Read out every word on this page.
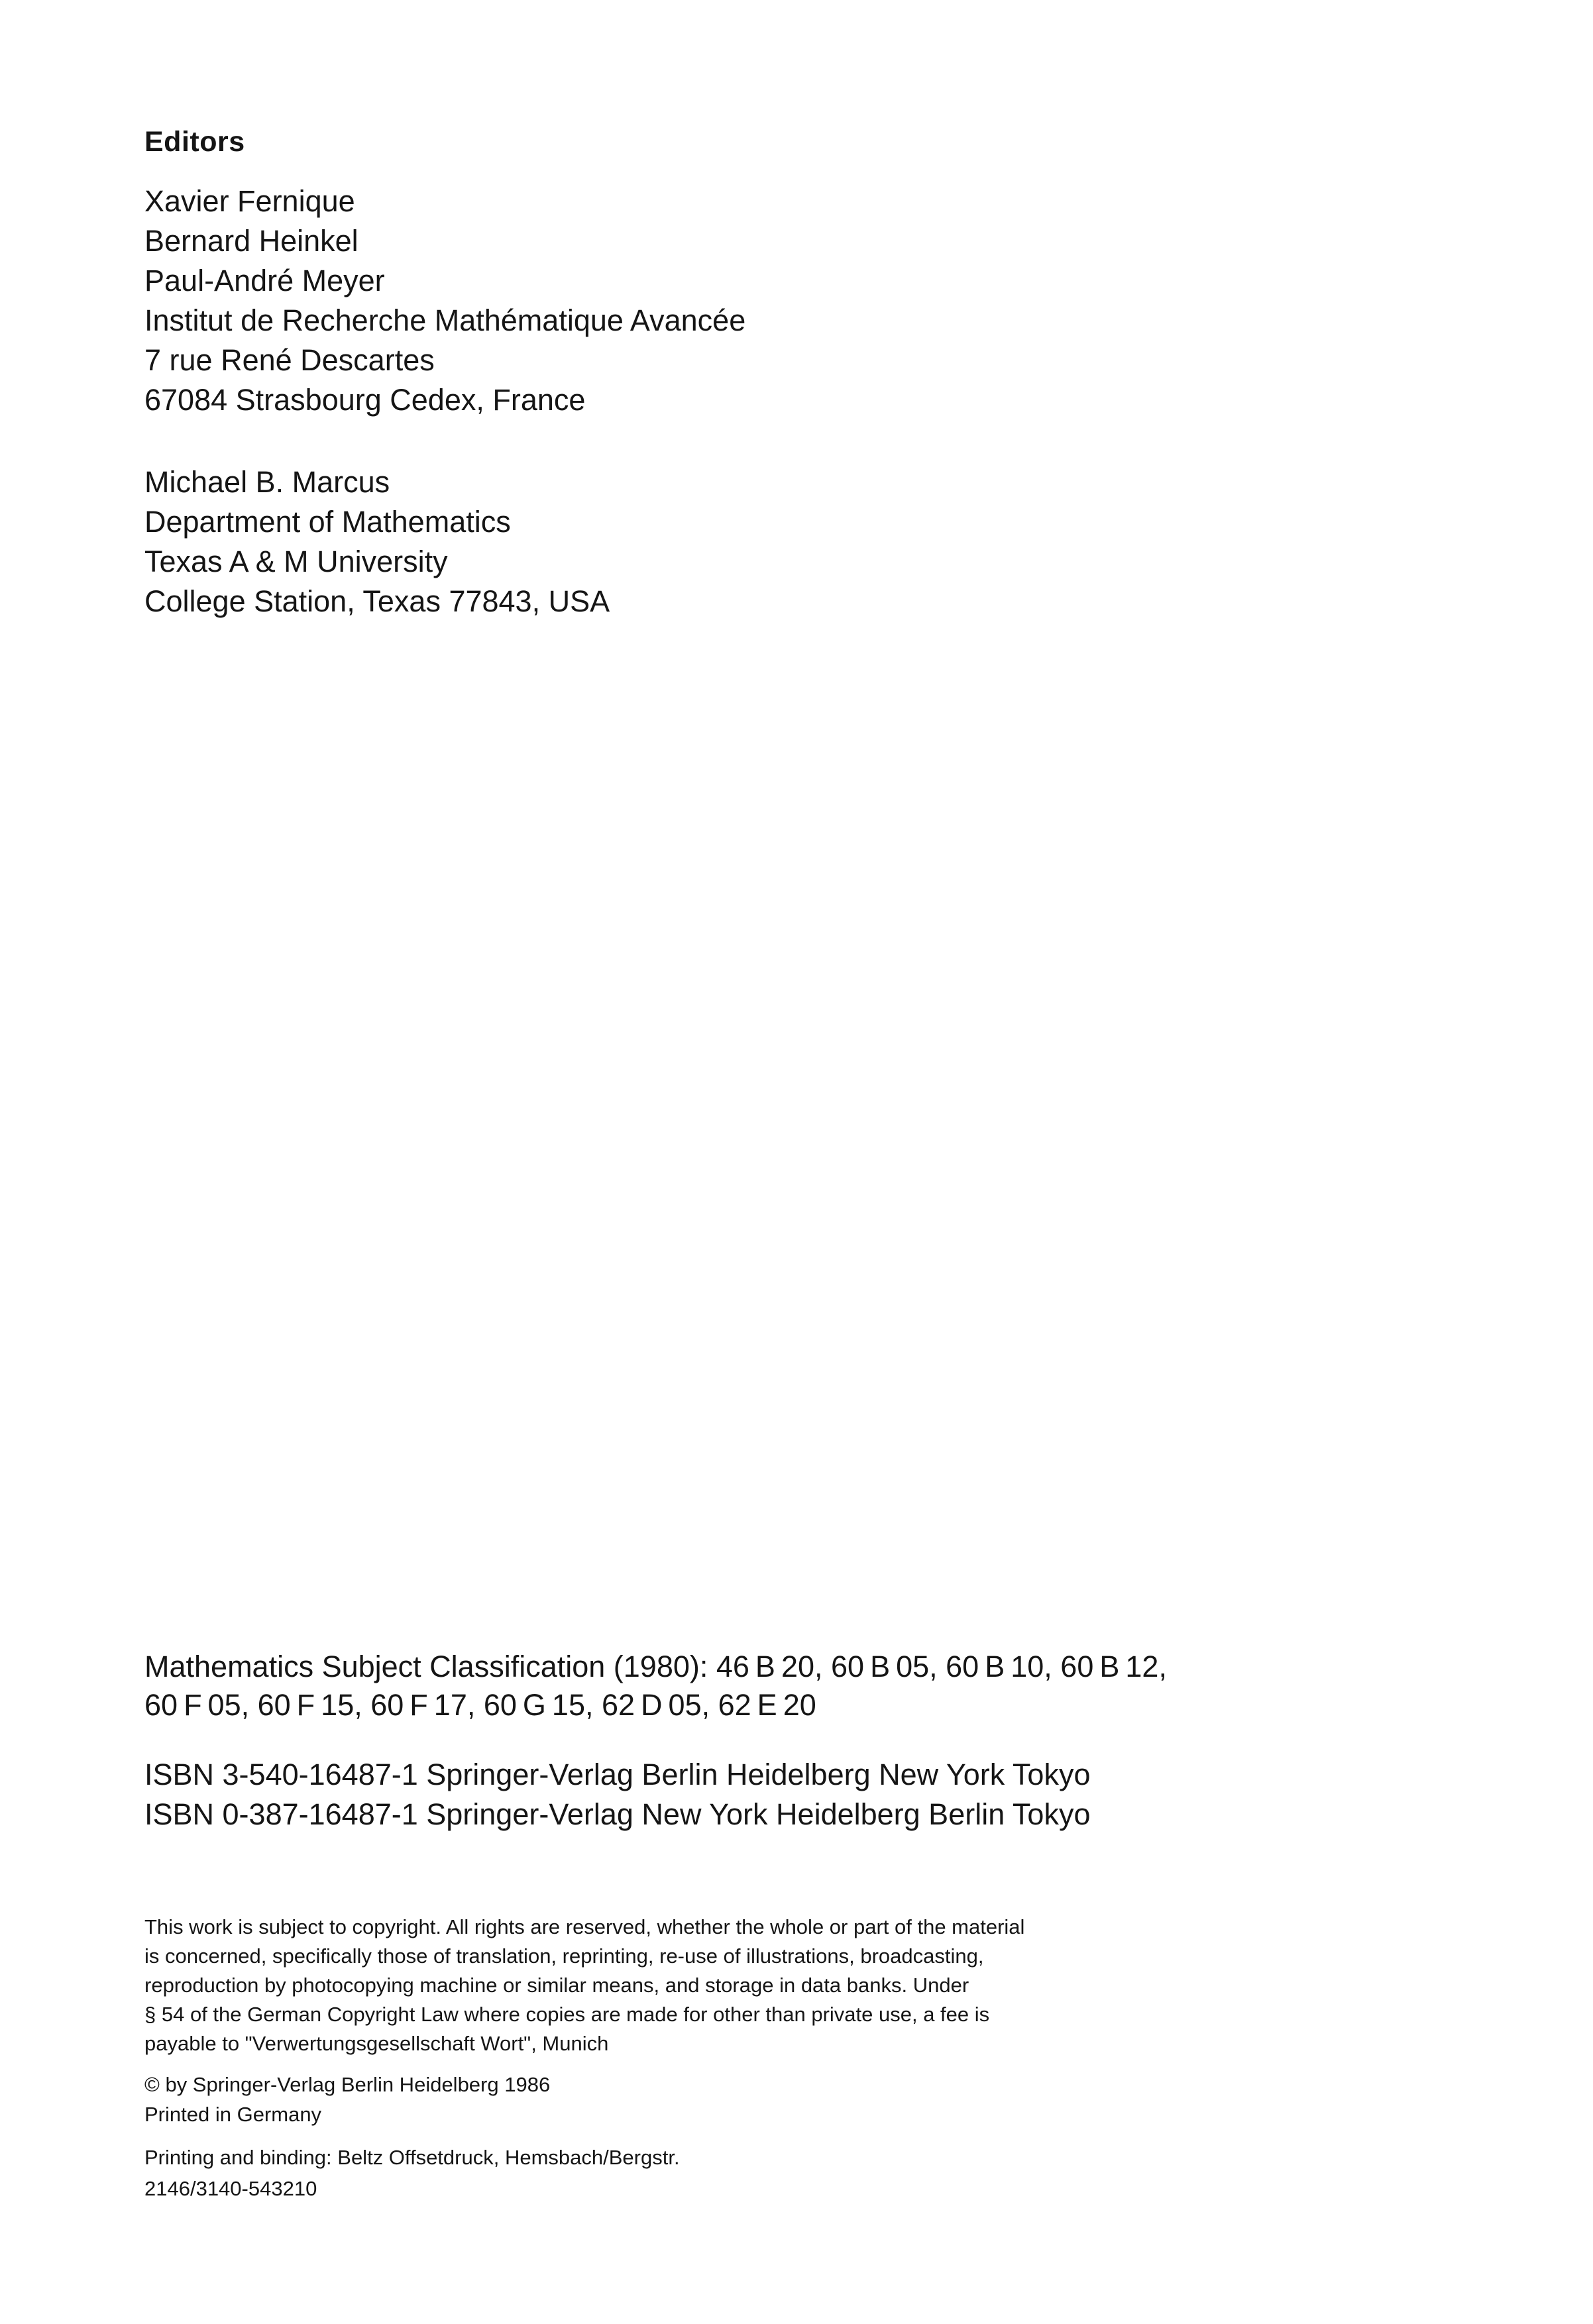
Editors
Xavier Fernique
Bernard Heinkel
Paul-André Meyer
Institut de Recherche Mathématique Avancée
7 rue René Descartes
67084 Strasbourg Cedex, France
Michael B. Marcus
Department of Mathematics
Texas A & M University
College Station, Texas 77843, USA
Mathematics Subject Classification (1980): 46 B 20, 60 B 05, 60 B 10, 60 B 12,
60 F 05, 60 F 15, 60 F 17, 60 G 15, 62 D 05, 62 E 20
ISBN 3-540-16487-1 Springer-Verlag Berlin Heidelberg New York Tokyo
ISBN 0-387-16487-1 Springer-Verlag New York Heidelberg Berlin Tokyo
This work is subject to copyright. All rights are reserved, whether the whole or part of the material
is concerned, specifically those of translation, reprinting, re-use of illustrations, broadcasting,
reproduction by photocopying machine or similar means, and storage in data banks. Under
§ 54 of the German Copyright Law where copies are made for other than private use, a fee is
payable to "Verwertungsgesellschaft Wort", Munich
© by Springer-Verlag Berlin Heidelberg 1986
Printed in Germany
Printing and binding: Beltz Offsetdruck, Hemsbach/Bergstr.
2146/3140-543210
